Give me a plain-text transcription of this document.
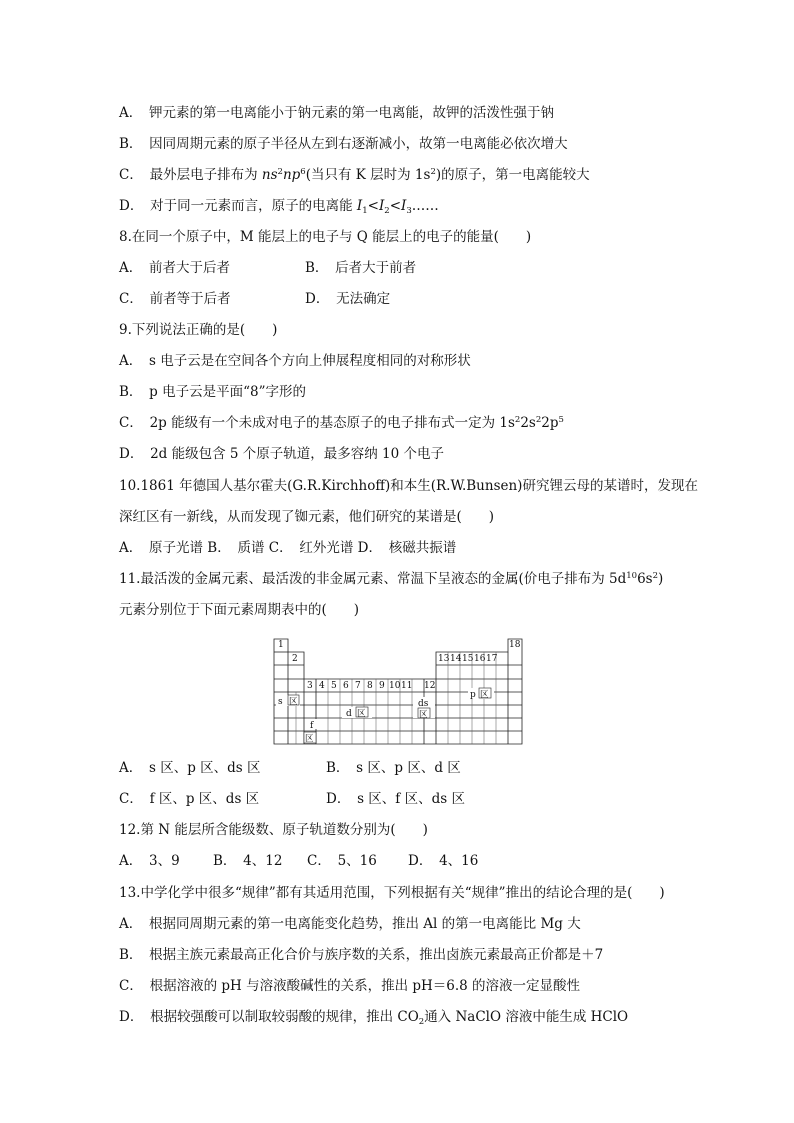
A．　 钾元素的第一电离能小于钠元素的第一电离能，故钾的活泼性强于钠
B．　 因同周期元素的原子半径从左到右逐渐减小，故第一电离能必依次增大
C．　 最外层电子排布为 $ns^2np^6$(当只有 K 层时为 $1s^2$)的原子，第一电离能较大
D．　 对于同一元素而言，原子的电离能 $I_1<I_2<I_3\dots\dots$
8.在同一个原子中，M 能层上的电子与 Q 能层上的电子的能量(　　)
A．　前者大于后者	B．　后者大于前者
C．　前者等于后者	D．　无法确定
9.下列说法正确的是(　　)
A．　s 电子云是在空间各个方向上伸展程度相同的对称形状
B．　p 电子云是平面“8”字形的
C．　2p 能级有一个未成对电子的基态原子的电子排布式一定为 $1s^22s^22p^5$
D．　2d 能级包含 5 个原子轨道，最多容纳 10 个电子
10.1861 年德国人基尔霍夫(G.R.Kirchhoff)和本生(R.W.Bunsen)研究锂云母的某谱时，发现在
深红区有一新线，从而发现了铷元素，他们研究的某谱是(　　)
A．　原子光谱 B．　质谱 C．　红外光谱 D．　核磁共振谱
11.最活泼的金属元素、最活泼的非金属元素、常温下呈液态的金属(价电子排布为 $5d^{10}6s^2$)
元素分别位于下面元素周期表中的(　　)
1
2
3 4 5 6 7 8 9 10 11 12
13 14 15 16 17
18
s 区
f
区
d 区
ds
区
p 区
A．　s 区、p 区、ds 区	B．　s 区、p 区、d 区
C．　f 区、p 区、ds 区	D．　s 区、f 区、ds 区
12.第 N 能层所含能级数、原子轨道数分别为(　　)
A．　3、9 B．　4、12 C．　5、16 D．　4、16
13.中学化学中很多“规律”都有其适用范围，下列根据有关“规律”推出的结论合理的是(　　)
A．　根据同周期元素的第一电离能变化趋势，推出 Al 的第一电离能比 Mg 大
B．　根据主族元素最高正化合价与族序数的关系，推出卤族元素最高正价都是＋7
C．　根据溶液的 pH 与溶液酸碱性的关系，推出 pH＝6.8 的溶液一定显酸性
D．　根据较强酸可以制取较弱酸的规律，推出 $CO_2$通入 NaClO 溶液中能生成 HClO
